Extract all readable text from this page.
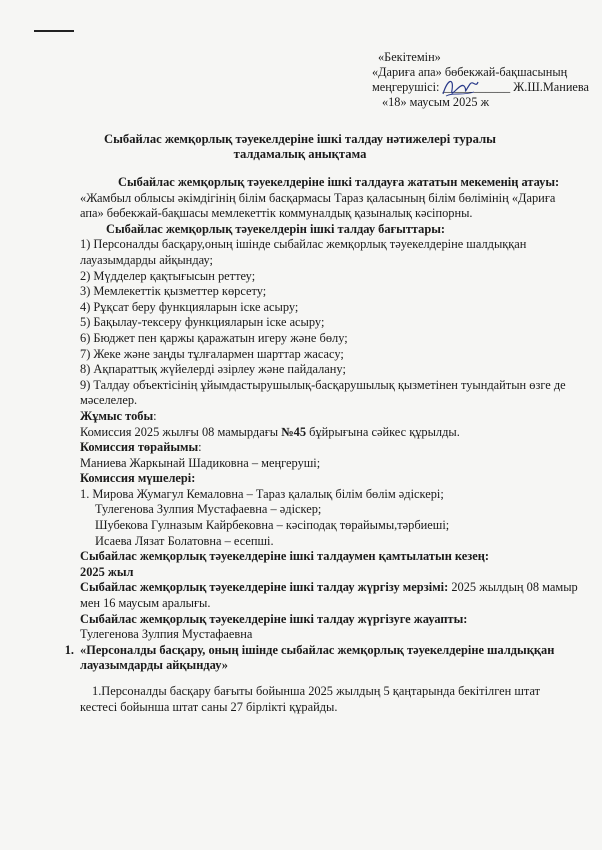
«Бекітемін»
«Дариға апа» бөбекжай-бақшасының
меңгерушісі: ___________ Ж.Ш.Маниева
«18» маусым 2025 ж
Сыбайлас жемқорлық тәуекелдеріне ішкі талдау нәтижелері туралы
талдамалық анықтама

Сыбайлас жемқорлық тәуекелдеріне ішкі талдауға жататын мекеменің атауы: «Жамбыл облысы әкімдігінің білім басқармасы Тараз қаласының білім бөлімінің «Дариға апа» бөбекжай-бақшасы мемлекеттік коммуналдық қазыналық кәсіпорны.

Сыбайлас жемқорлық тәуекелдерін ішкі талдау бағыттары:

1) Персоналды басқару,оның ішінде сыбайлас жемқорлық тәуекелдеріне шалдыққан лауазымдарды айқындау;

2) Мүдделер қақтығысын реттеу;

3) Мемлекеттік қызметтер көрсету;

4) Рұқсат беру функцияларын іске асыру;

5) Бақылау-тексеру функцияларын іске асыру;

6) Бюджет пен қаржы қаражатын игеру және бөлу;

7) Жеке және заңды тұлғалармен шарттар жасасу;

8) Ақпараттық жүйелерді әзірлеу және пайдалану;

9) Талдау объектісінің ұйымдастырушылық-басқарушылық қызметінен туындайтын өзге де мәселелер.

Жұмыс тобы:

Комиссия 2025 жылғы 08 мамырдағы №45 бұйрығына сәйкес құрылды.

Комиссия төрайымы:

Маниева Жаркынай Шадиковна – меңгеруші;

Комиссия мүшелері:

1. Мирова Жумагул Кемаловна – Тараз қалалық білім бөлім әдіскері;

Тулегенова Зулпия Мустафаевна – әдіскер;

Шубекова Гулназым Кайрбековна – кәсіподақ төрайымы,тәрбиеші;

Исаева Лязат Болатовна – есепші.

Сыбайлас жемқорлық тәуекелдеріне ішкі талдаумен қамтылатын кезең:

2025 жыл

Сыбайлас жемқорлық тәуекелдеріне ішкі талдау жүргізу мерзімі: 2025 жылдың 08 мамыр мен 16 маусым аралығы.

Сыбайлас жемқорлық тәуекелдеріне ішкі талдау жүргізуге жауапты:

Тулегенова Зулпия Мустафаевна

1. «Персоналды басқару, оның ішінде сыбайлас жемқорлық тәуекелдеріне шалдыққан лауазымдарды айқындау»

1.Персоналды басқару бағыты бойынша 2025 жылдың 5 қаңтарында бекітілген штат кестесі бойынша штат саны 27 бірлікті құрайды.
